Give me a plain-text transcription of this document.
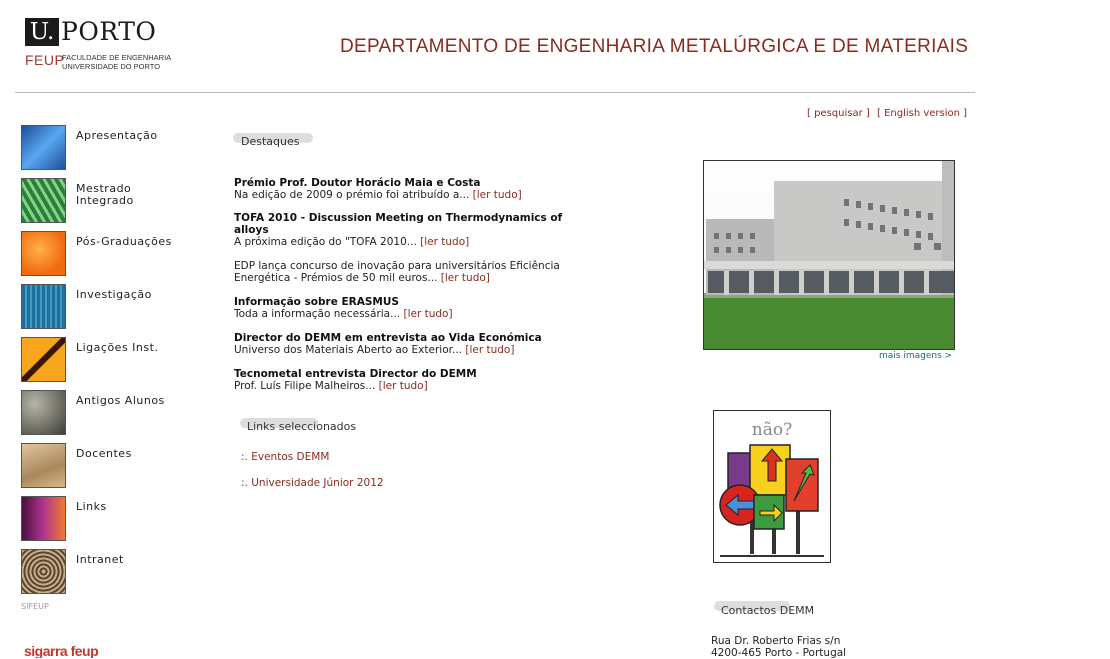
U. PORTO
FEUP
FACULDADE DE ENGENHARIA
UNIVERSIDADE DO PORTO
DEPARTAMENTO DE ENGENHARIA METALÚRGICA E DE MATERIAIS
[ pesquisar ] [ English version ]
Apresentação
Mestrado Integrado
Pós-Graduações
Investigação
Ligações Inst.
Antigos Alunos
Docentes
Links
Intranet
SIFEUP
sigarra feup
Destaques
Prémio Prof. Doutor Horácio Maia e Costa
Na edição de 2009 o prémio foi atribuído a... [ler tudo]
TOFA 2010 - Discussion Meeting on Thermodynamics of alloys
A próxima edição do "TOFA 2010... [ler tudo]
EDP lança concurso de inovação para universitários Eficiência Energética - Prémios de 50 mil euros... [ler tudo]
Informação sobre ERASMUS
Toda a informação necessária... [ler tudo]
Director do DEMM em entrevista ao Vida Económica
Universo dos Materiais Aberto ao Exterior... [ler tudo]
Tecnometal entrevista Director do DEMM
Prof. Luís Filipe Malheiros... [ler tudo]
Links seleccionados
:. Eventos DEMM
:. Universidade Júnior 2012
mais imagens >
não?
Contactos DEMM
Rua Dr. Roberto Frias s/n
4200-465 Porto - Portugal
